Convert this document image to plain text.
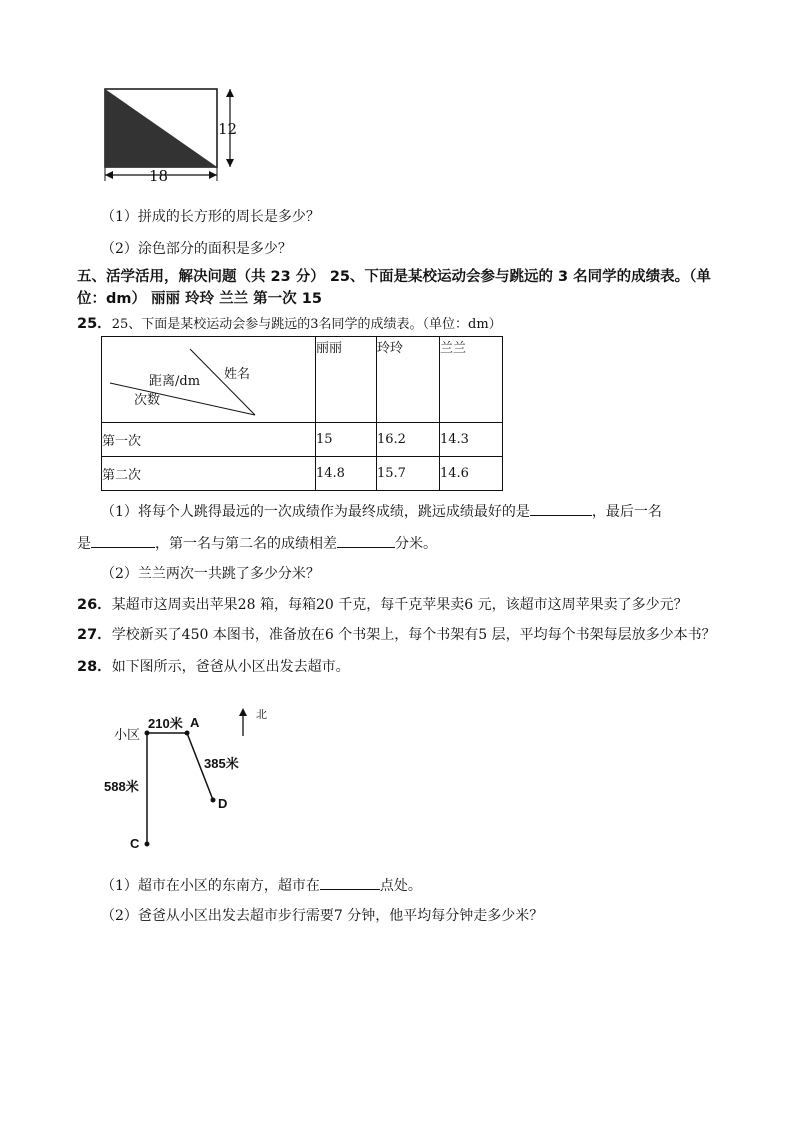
12
18
（1）拼成的长方形的周长是多少？
（2）涂色部分的面积是多少？
五、活学活用，解决问题（共 23 分） 25、下面是某校运动会参与跳远的 3 名同学的成绩表。（单
位：dm） 丽丽 玲玲 兰兰 第一次 15
25．25、下面是某校运动会参与跳远的3名同学的成绩表。（单位：dm）
姓名
距离/dm
次数	丽丽	玲玲	兰兰
第一次	15	16.2	14.3
第二次	14.8	15.7	14.6
（1）将每个人跳得最远的一次成绩作为最终成绩，跳远成绩最好的是	，最后一名
是	，第一名与第二名的成绩相差	分米。
（2）兰兰两次一共跳了多少分米？
26．某超市这周卖出苹果28 箱，每箱20 千克，每千克苹果卖6 元，该超市这周苹果卖了多少元？
27．学校新买了450 本图书，准备放在6 个书架上，每个书架有5 层，平均每个书架每层放多少本书？
28．如下图所示，爸爸从小区出发去超市。
小区
210米 A
385米
D
588米
C
北
（1）超市在小区的东南方，超市在	点处。
（2）爸爸从小区出发去超市步行需要7 分钟，他平均每分钟走多少米？
